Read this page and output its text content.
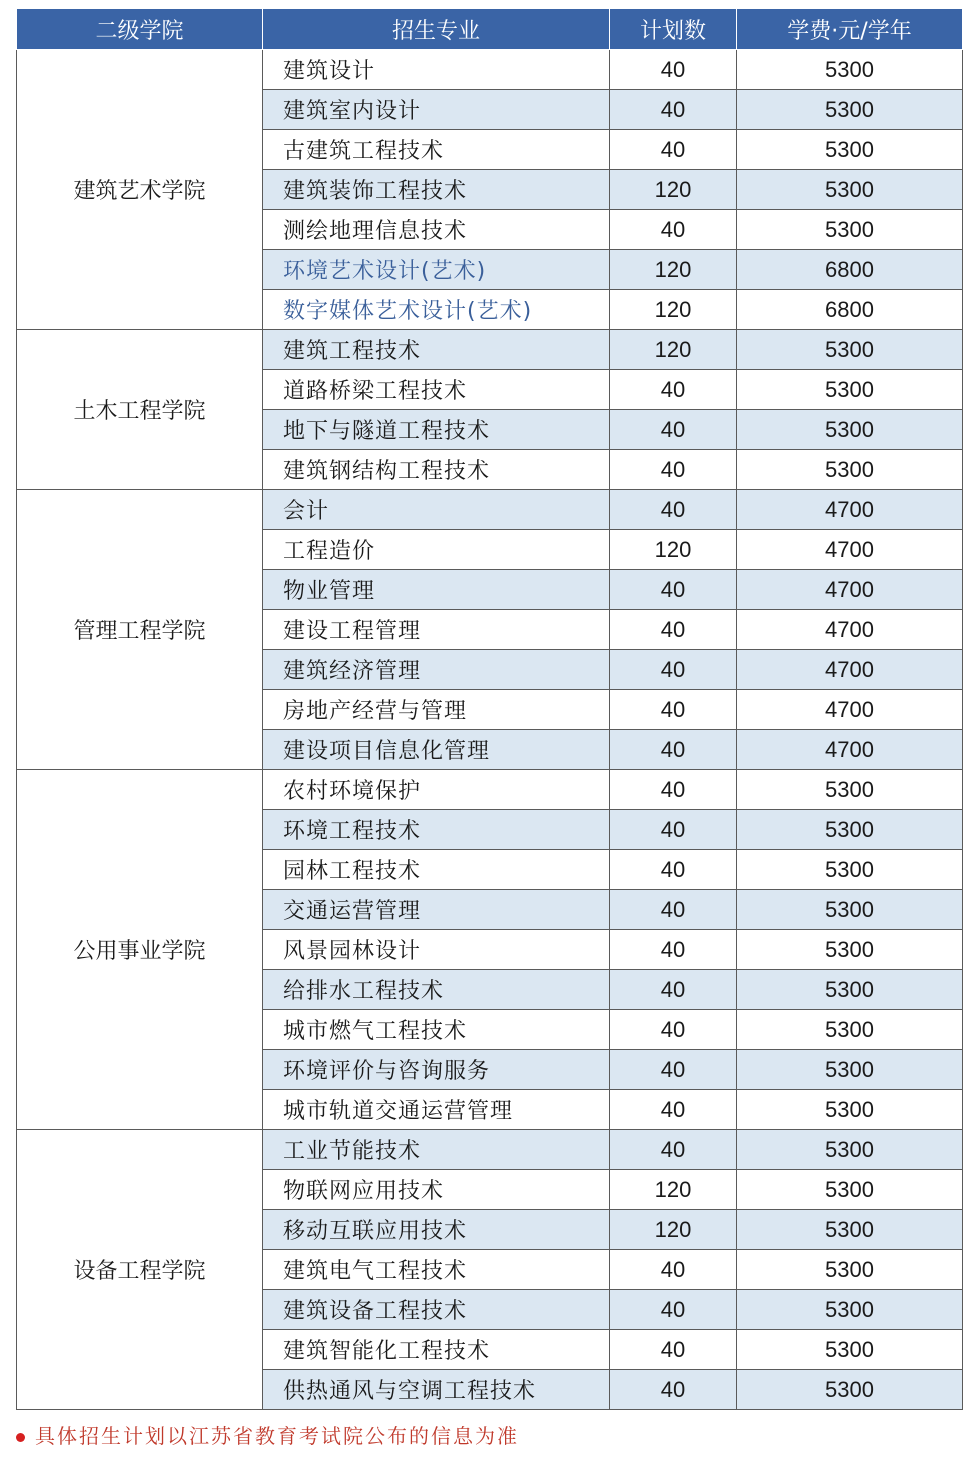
二级学院	招生专业	计划数	学费·元/学年
建筑艺术学院	建筑设计	40	5300
	建筑室内设计	40	5300
	古建筑工程技术	40	5300
	建筑装饰工程技术	120	5300
	测绘地理信息技术	40	5300
	环境艺术设计(艺术)	120	6800
	数字媒体艺术设计(艺术)	120	6800
土木工程学院	建筑工程技术	120	5300
	道路桥梁工程技术	40	5300
	地下与隧道工程技术	40	5300
	建筑钢结构工程技术	40	5300
管理工程学院	会计	40	4700
	工程造价	120	4700
	物业管理	40	4700
	建设工程管理	40	4700
	建筑经济管理	40	4700
	房地产经营与管理	40	4700
	建设项目信息化管理	40	4700
公用事业学院	农村环境保护	40	5300
	环境工程技术	40	5300
	园林工程技术	40	5300
	交通运营管理	40	5300
	风景园林设计	40	5300
	给排水工程技术	40	5300
	城市燃气工程技术	40	5300
	环境评价与咨询服务	40	5300
	城市轨道交通运营管理	40	5300
设备工程学院	工业节能技术	40	5300
	物联网应用技术	120	5300
	移动互联应用技术	120	5300
	建筑电气工程技术	40	5300
	建筑设备工程技术	40	5300
	建筑智能化工程技术	40	5300
	供热通风与空调工程技术	40	5300
具体招生计划以江苏省教育考试院公布的信息为准
